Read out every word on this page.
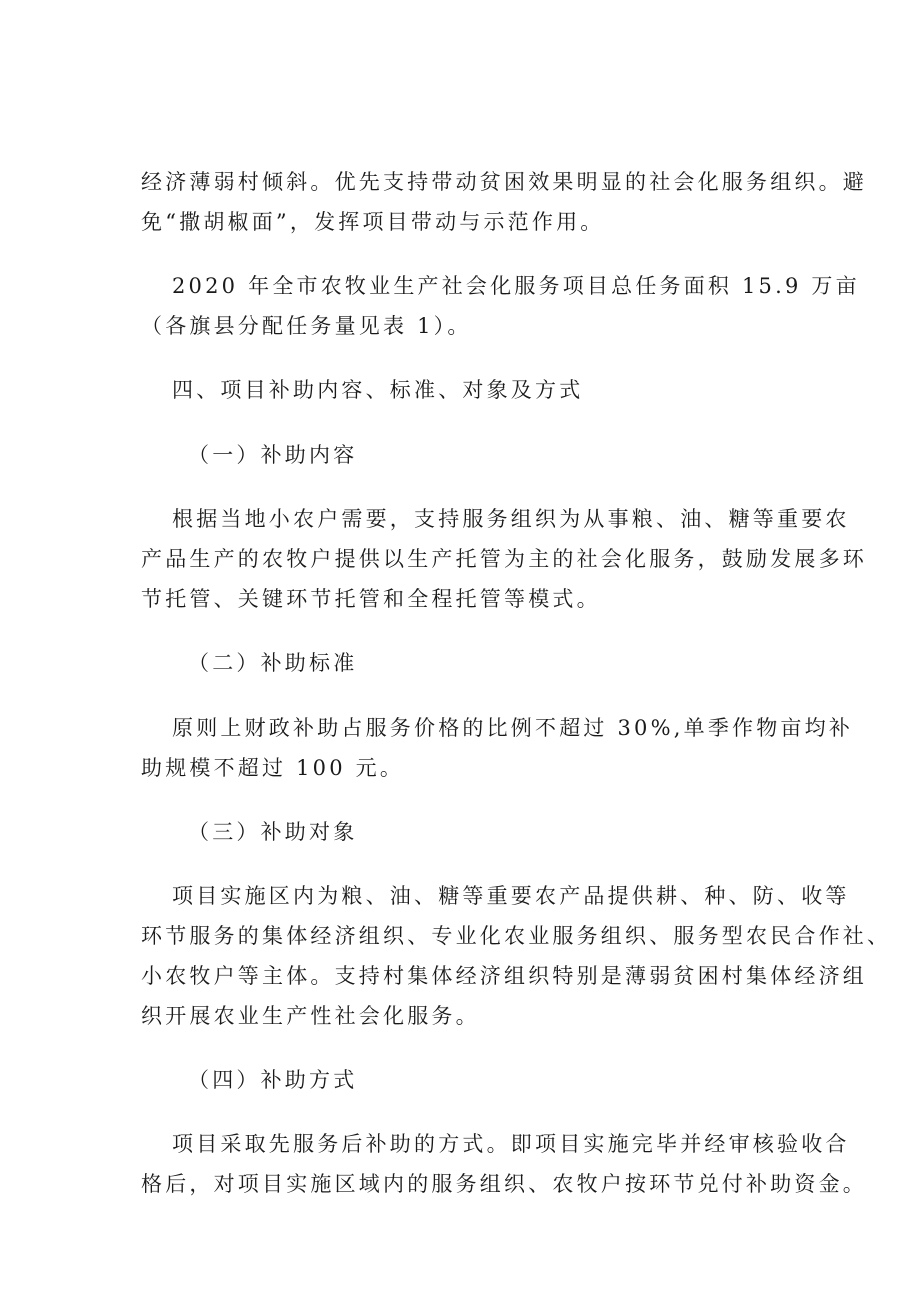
经济薄弱村倾斜。优先支持带动贫困效果明显的社会化服务组织。避
免“撒胡椒面”，发挥项目带动与示范作用。

2020 年全市农牧业生产社会化服务项目总任务面积 15.9 万亩
（各旗县分配任务量见表 1）。

四、项目补助内容、标准、对象及方式

（一）补助内容

根据当地小农户需要，支持服务组织为从事粮、油、糖等重要农
产品生产的农牧户提供以生产托管为主的社会化服务，鼓励发展多环
节托管、关键环节托管和全程托管等模式。

（二）补助标准

原则上财政补助占服务价格的比例不超过 30%,单季作物亩均补
助规模不超过 100 元。

（三）补助对象

项目实施区内为粮、油、糖等重要农产品提供耕、种、防、收等
环节服务的集体经济组织、专业化农业服务组织、服务型农民合作社、
小农牧户等主体。支持村集体经济组织特别是薄弱贫困村集体经济组
织开展农业生产性社会化服务。

（四）补助方式

项目采取先服务后补助的方式。即项目实施完毕并经审核验收合
格后，对项目实施区域内的服务组织、农牧户按环节兑付补助资金。
